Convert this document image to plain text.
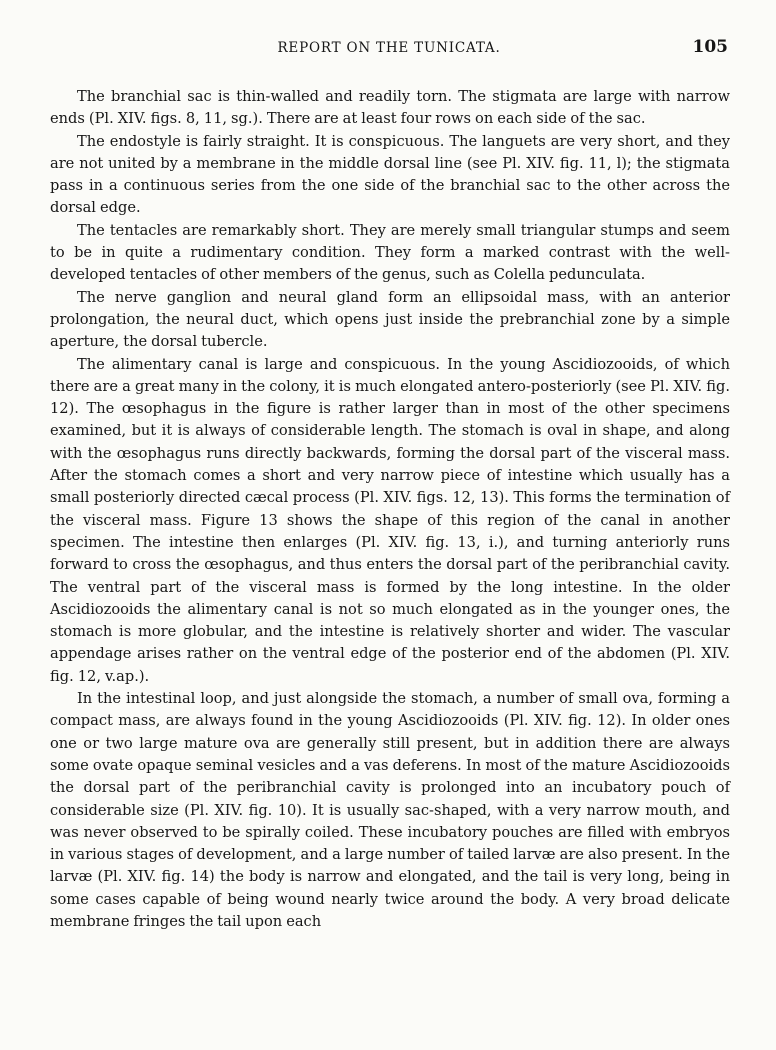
REPORT ON THE TUNICATA.	105

The branchial sac is thin-walled and readily torn. The stigmata are large with narrow ends (Pl. XIV. figs. 8, 11, sg.). There are at least four rows on each side of the sac.

The endostyle is fairly straight. It is conspicuous. The languets are very short, and they are not united by a membrane in the middle dorsal line (see Pl. XIV. fig. 11, l); the stigmata pass in a continuous series from the one side of the branchial sac to the other across the dorsal edge.

The tentacles are remarkably short. They are merely small triangular stumps and seem to be in quite a rudimentary condition. They form a marked contrast with the well-developed tentacles of other members of the genus, such as Colella pedunculata.

The nerve ganglion and neural gland form an ellipsoidal mass, with an anterior prolongation, the neural duct, which opens just inside the prebranchial zone by a simple aperture, the dorsal tubercle.

The alimentary canal is large and conspicuous. In the young Ascidiozooids, of which there are a great many in the colony, it is much elongated antero-posteriorly (see Pl. XIV. fig. 12). The œsophagus in the figure is rather larger than in most of the other specimens examined, but it is always of considerable length. The stomach is oval in shape, and along with the œsophagus runs directly backwards, forming the dorsal part of the visceral mass. After the stomach comes a short and very narrow piece of intestine which usually has a small posteriorly directed cæcal process (Pl. XIV. figs. 12, 13). This forms the termination of the visceral mass. Figure 13 shows the shape of this region of the canal in another specimen. The intestine then enlarges (Pl. XIV. fig. 13, i.), and turning anteriorly runs forward to cross the œsophagus, and thus enters the dorsal part of the peribranchial cavity. The ventral part of the visceral mass is formed by the long intestine. In the older Ascidiozooids the alimentary canal is not so much elongated as in the younger ones, the stomach is more globular, and the intestine is relatively shorter and wider. The vascular appendage arises rather on the ventral edge of the posterior end of the abdomen (Pl. XIV. fig. 12, v.ap.).

In the intestinal loop, and just alongside the stomach, a number of small ova, forming a compact mass, are always found in the young Ascidiozooids (Pl. XIV. fig. 12). In older ones one or two large mature ova are generally still present, but in addition there are always some ovate opaque seminal vesicles and a vas deferens. In most of the mature Ascidiozooids the dorsal part of the peribranchial cavity is prolonged into an incubatory pouch of considerable size (Pl. XIV. fig. 10). It is usually sac-shaped, with a very narrow mouth, and was never observed to be spirally coiled. These incubatory pouches are filled with embryos in various stages of development, and a large number of tailed larvæ are also present. In the larvæ (Pl. XIV. fig. 14) the body is narrow and elongated, and the tail is very long, being in some cases capable of being wound nearly twice around the body. A very broad delicate membrane fringes the tail upon each
